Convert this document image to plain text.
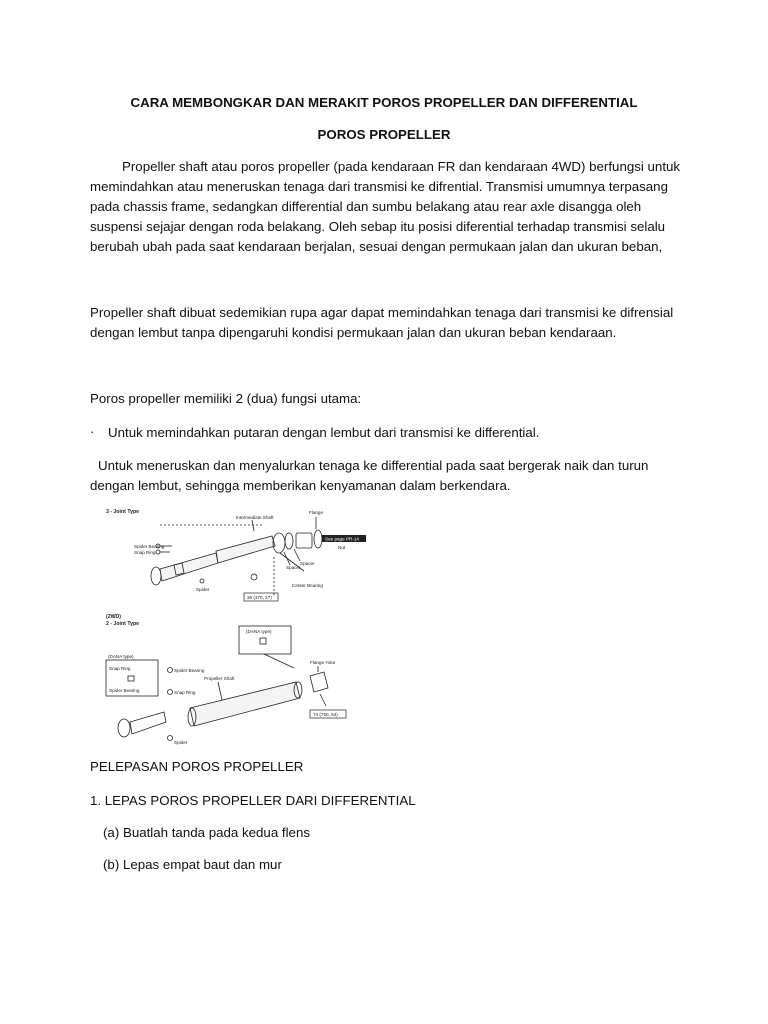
CARA MEMBONGKAR DAN MERAKIT POROS PROPELLER DAN DIFFERENTIAL
POROS PROPELLER
Propeller shaft atau poros propeller (pada kendaraan FR dan kendaraan 4WD) berfungsi untuk memindahkan atau meneruskan tenaga dari transmisi ke difrential. Transmisi umumnya terpasang pada chassis frame, sedangkan differential dan sumbu belakang atau rear axle disangga oleh suspensi sejajar dengan roda belakang. Oleh sebap itu posisi diferential terhadap transmisi selalu berubah ubah pada saat kendaraan berjalan, sesuai dengan permukaan jalan dan ukuran beban,
Propeller shaft dibuat sedemikian rupa agar dapat memindahkan tenaga dari transmisi ke difrensial dengan lembut tanpa dipengaruhi kondisi permukaan jalan dan ukuran beban kendaraan.
Poros propeller memiliki 2 (dua) fungsi utama:
· Untuk memindahkan putaran dengan lembut dari transmisi ke differential.
Untuk meneruskan dan menyalurkan tenaga ke differential pada saat bergerak naik dan turun dengan lembut, sehingga memberikan kenyamanan dalam berkendara.
3 - Joint Type
Intermediate Shaft
Flange
See page PR-14
Nut
Spider Bearing
Snap Ring
Spacer
Spacer
Center Bearing
Spider
36 (370, 27)
(2WD)
2 - Joint Type
(DANA type)
(DANA type)
Snap Ring
Spider Bearing
Spider Bearing
Snap Ring
Propeller Shaft
Flange Yoke
Spider
74 (750, 54)
PELEPASAN POROS PROPELLER
1. LEPAS POROS PROPELLER DARI DIFFERENTIAL
(a) Buatlah tanda pada kedua flens
(b) Lepas empat baut dan mur
